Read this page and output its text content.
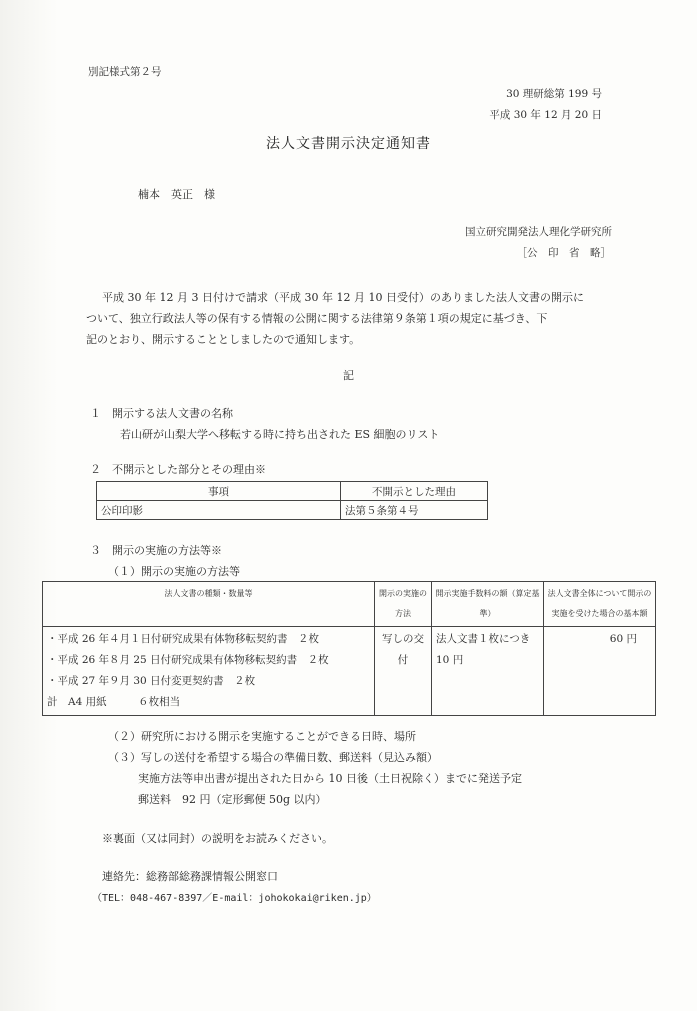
別記様式第２号
30 理研総第 199 号
平成 30 年 12 月 20 日
法人文書開示決定通知書
楠本　英正　様
国立研究開発法人理化学研究所
［公　印　省　略］
平成 30 年 12 月 3 日付けで請求（平成 30 年 12 月 10 日受付）のありました法人文書の開示に
ついて、独立行政法人等の保有する情報の公開に関する法律第９条第１項の規定に基づき、下
記のとおり、開示することとしましたので通知します。
記
１　開示する法人文書の名称
若山研が山梨大学へ移転する時に持ち出された ES 細胞のリスト
２　不開示とした部分とその理由※
事項	不開示とした理由
公印印影	法第５条第４号
３　開示の実施の方法等※
（１）開示の実施の方法等
法人文書の種類・数量等	開示の実施の方法	開示実施手数料の額（算定基準）	法人文書全体について開示の実施を受けた場合の基本額

・平成 26 年４月１日付研究成果有体物移転契約書　２枚
・平成 26 年８月 25 日付研究成果有体物移転契約書　２枚
・平成 27 年９月 30 日付変更契約書　２枚
計　A4 用紙　　　６枚相当	写しの交付	法人文書１枚につき 10 円	60 円
（２）研究所における開示を実施することができる日時、場所
（３）写しの送付を希望する場合の準備日数、郵送料（見込み額）
実施方法等申出書が提出された日から 10 日後（土日祝除く）までに発送予定
郵送料　92 円（定形郵便 50g 以内）
※裏面（又は同封）の説明をお読みください。
連絡先：総務部総務課情報公開窓口
（TEL：048-467-8397／E-mail：johokokai@riken.jp）
